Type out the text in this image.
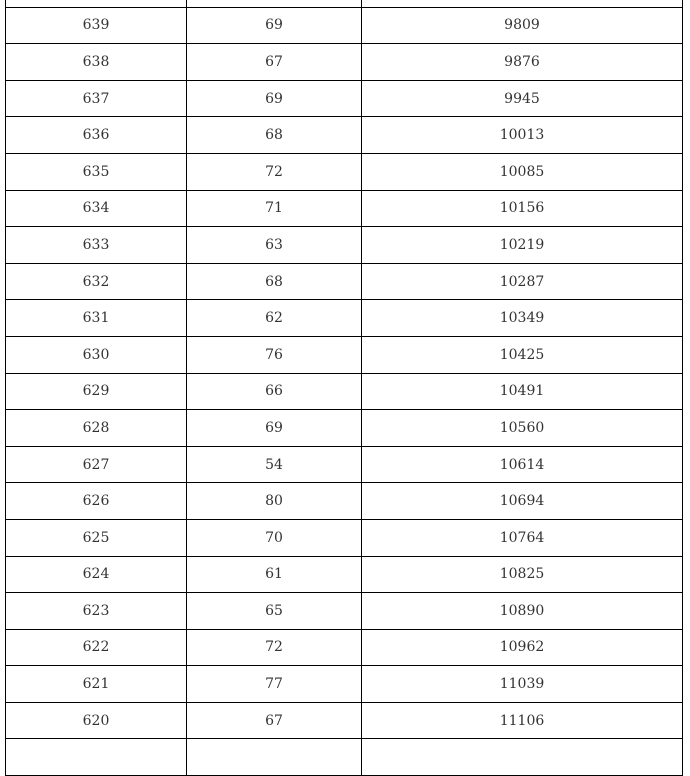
639	69	9809
638	67	9876
637	69	9945
636	68	10013
635	72	10085
634	71	10156
633	63	10219
632	68	10287
631	62	10349
630	76	10425
629	66	10491
628	69	10560
627	54	10614
626	80	10694
625	70	10764
624	61	10825
623	65	10890
622	72	10962
621	77	11039
620	67	11106
